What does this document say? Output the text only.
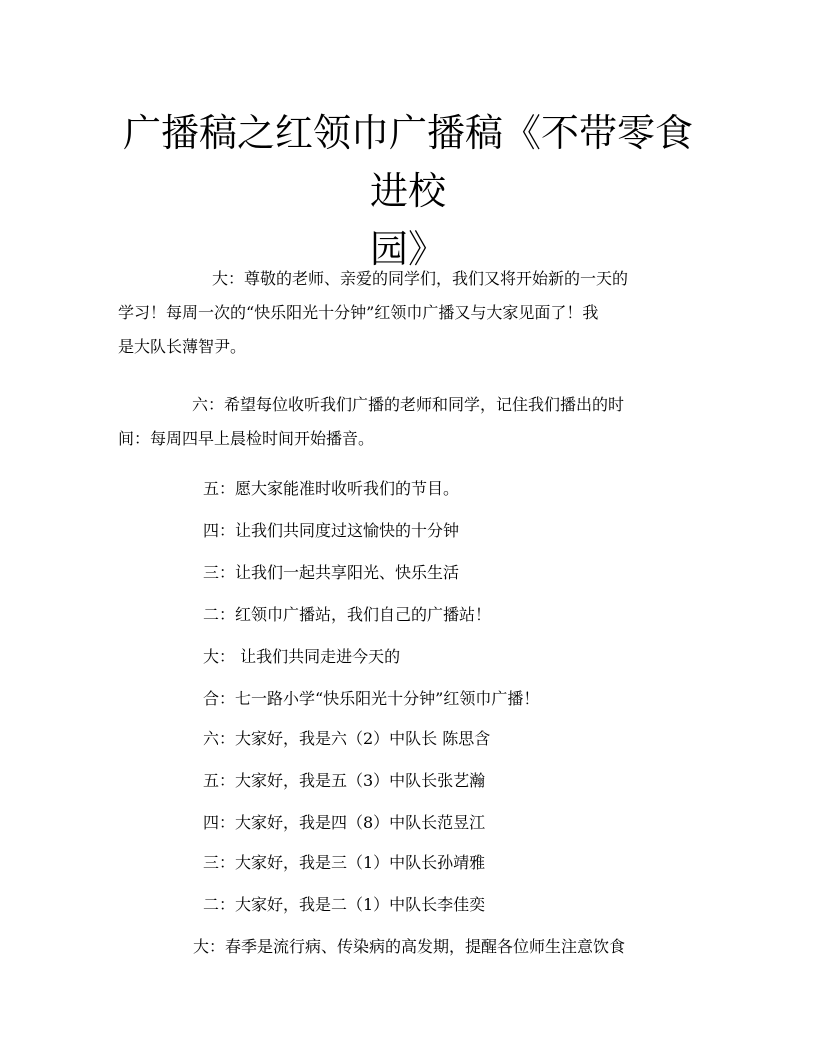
广播稿之红领巾广播稿《不带零食进校
园》
大：尊敬的老师、亲爱的同学们，我们又将开始新的一天的
学习！每周一次的“快乐阳光十分钟”红领巾广播又与大家见面了！我
是大队长薄智尹。
六：希望每位收听我们广播的老师和同学，记住我们播出的时
间：每周四早上晨检时间开始播音。

五：愿大家能准时收听我们的节目。

四：让我们共同度过这愉快的十分钟

三：让我们一起共享阳光、快乐生活

二：红领巾广播站，我们自己的广播站！

大： 让我们共同走进今天的

合：七一路小学“快乐阳光十分钟”红领巾广播！

六：大家好，我是六（2）中队长 陈思含

五：大家好，我是五（3）中队长张艺瀚

四：大家好，我是四（8）中队长范昱江

三：大家好，我是三（1）中队长孙靖雅

二：大家好，我是二（1）中队长李佳奕

大：春季是流行病、传染病的高发期，提醒各位师生注意饮食
